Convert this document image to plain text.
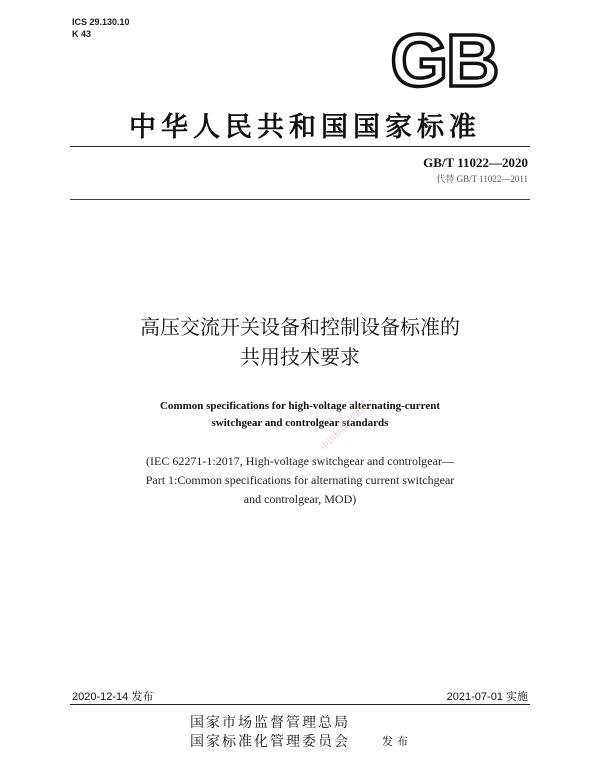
ICS 29.130.10
K 43	GB
中华人民共和国国家标准
GB/T 11022—2020
代替 GB/T 11022—2011
高压交流开关设备和控制设备标准的
共用技术要求
Common specifications for high-voltage alternating-current
switchgear and controlgear standards
(IEC 62271-1:2017, High-voltage switchgear and controlgear—
Part 1:Common specifications for alternating current switchgear
and controlgear, MOD)
中国标准出版社
2020-12-14 发布	2021-07-01 实施
国家市场监督管理总局
国家标准化管理委员会	发布
